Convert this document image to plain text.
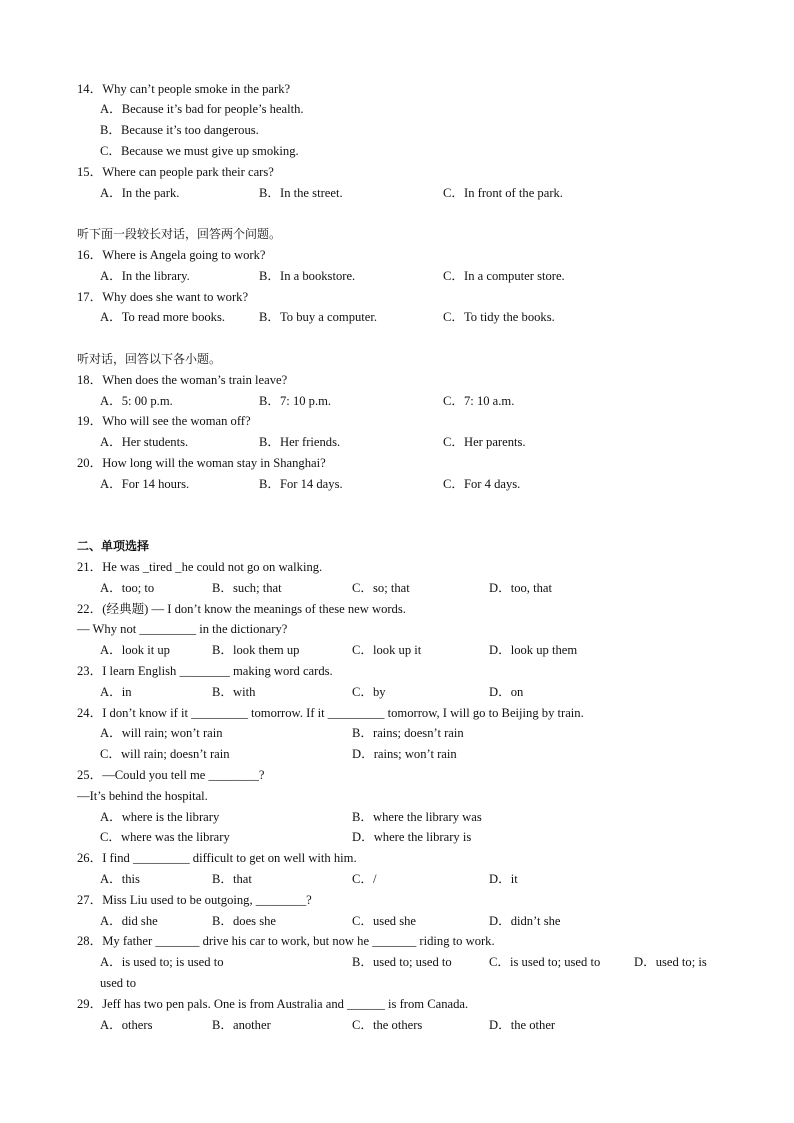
14．Why can’t people smoke in the park?
A．Because it’s bad for people’s health.
B．Because it’s too dangerous.
C．Because we must give up smoking.
15．Where can people park their cars?
A．In the park.	B．In the street.	C．In front of the park.
听下面一段较长对话，回答两个问题。
16．Where is Angela going to work?
A．In the library.	B．In a bookstore.	C．In a computer store.
17．Why does she want to work?
A．To read more books.	B．To buy a computer.	C．To tidy the books.
听对话，回答以下各小题。
18．When does the woman’s train leave?
A．5: 00 p.m.	B．7: 10 p.m.	C．7: 10 a.m.
19．Who will see the woman off?
A．Her students.	B．Her friends.	C．Her parents.
20．How long will the woman stay in Shanghai?
A．For 14 hours.	B．For 14 days.	C．For 4 days.
二、单项选择
21．He was _tired _he could not go on walking.
A．too; to	B．such; that	C．so; that	D．too, that
22．(经典题) — I don’t know the meanings of these new words.
— Why not _________ in the dictionary?
A．look it up	B．look them up	C．look up it	D．look up them
23．I learn English ________ making word cards.
A．in	B．with	C．by	D．on
24．I don’t know if it _________ tomorrow. If it _________ tomorrow, I will go to Beijing by train.
A．will rain; won’t rain	B．rains; doesn’t rain
C．will rain; doesn’t rain	D．rains; won’t rain
25．—Could you tell me ________?
—It’s behind the hospital.
A．where is the library	B．where the library was
C．where was the library	D．where the library is
26．I find _________ difficult to get on well with him.
A．this	B．that	C．/	D．it
27．Miss Liu used to be outgoing, ________?
A．did she	B．does she	C．used she	D．didn’t she
28．My father _______ drive his car to work, but now he _______ riding to work.
A．is used to; is used to	B．used to; used to	C．is used to; used to	D．used to; is
used to
29．Jeff has two pen pals. One is from Australia and ______ is from Canada.
A．others	B．another	C．the others	D．the other
